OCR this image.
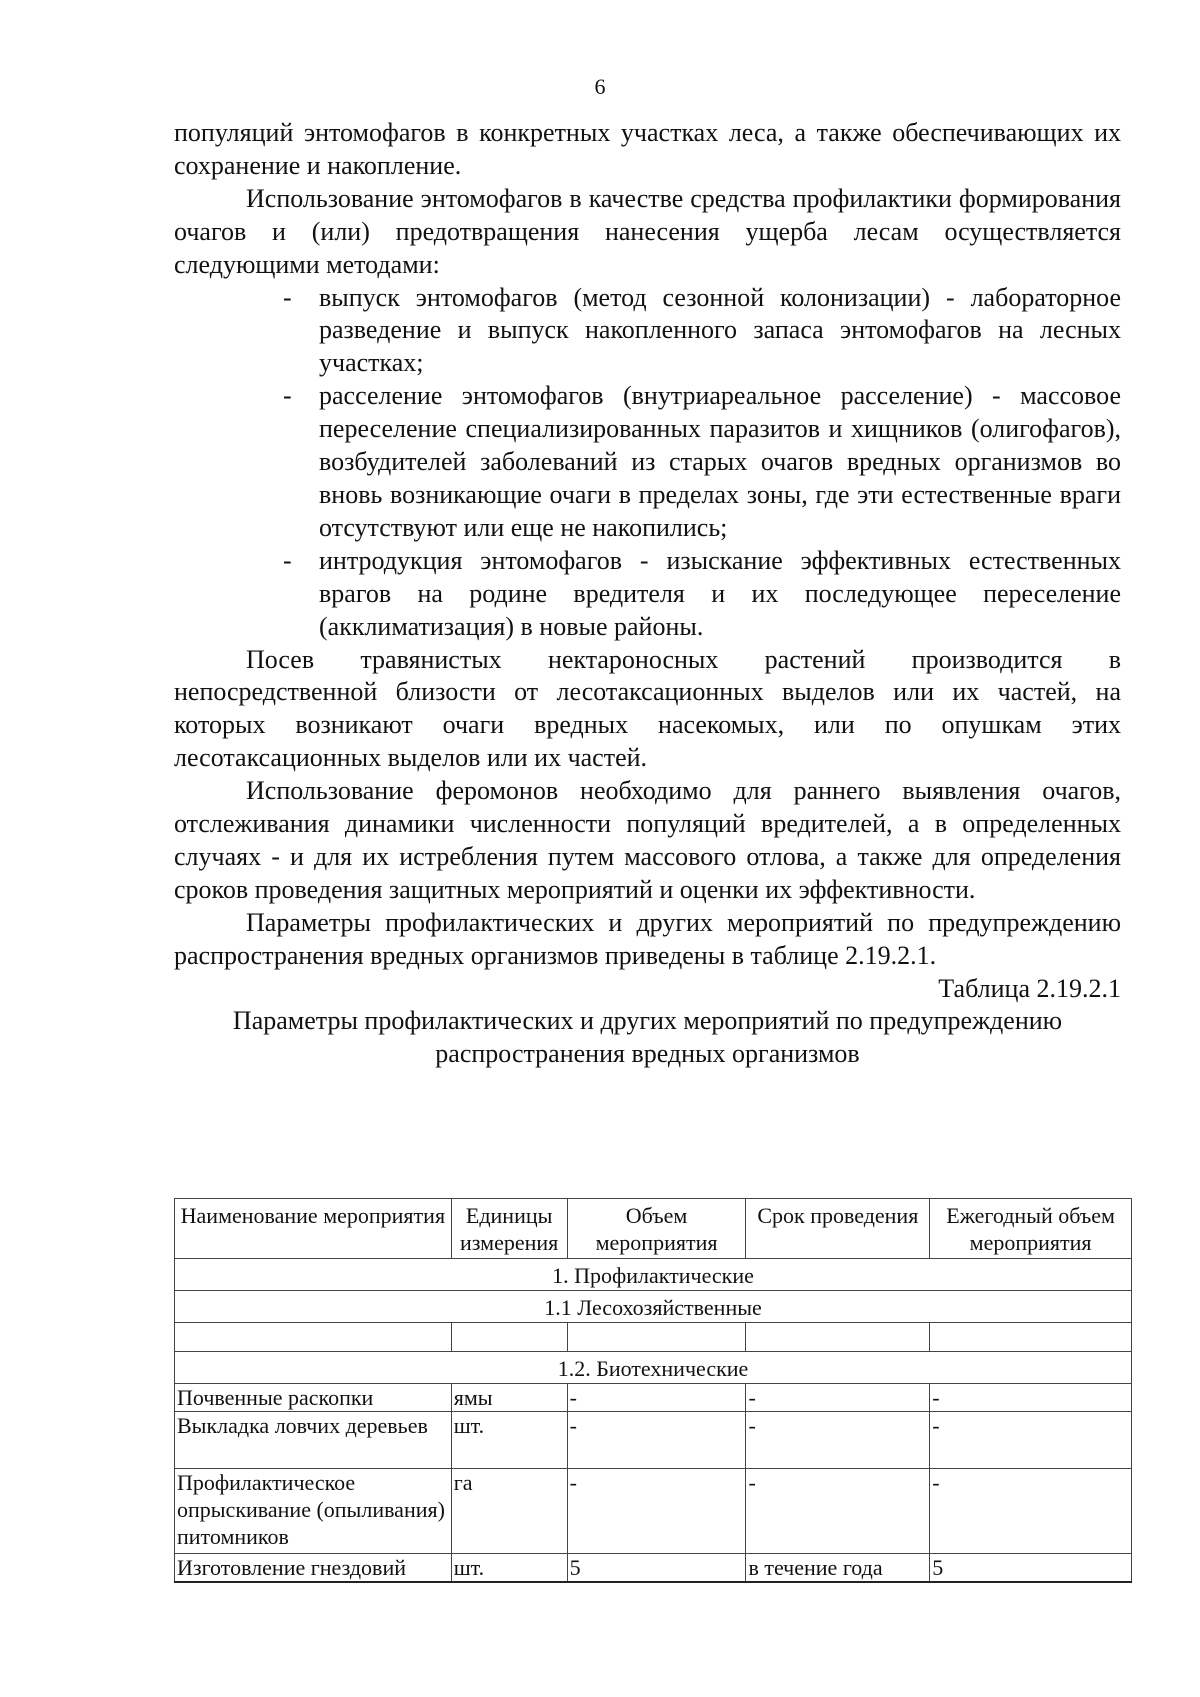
6

популяций энтомофагов в конкретных участках леса, а также обеспечивающих их сохранение и накопление.

Использование энтомофагов в качестве средства профилактики формирования очагов и (или) предотвращения нанесения ущерба лесам осуществляется следующими методами:

- выпуск энтомофагов (метод сезонной колонизации) - лабораторное разведение и выпуск накопленного запаса энтомофагов на лесных участках;
- расселение энтомофагов (внутриареальное расселение) - массовое переселение специализированных паразитов и хищников (олигофагов), возбудителей заболеваний из старых очагов вредных организмов во вновь возникающие очаги в пределах зоны, где эти естественные враги отсутствуют или еще не накопились;
- интродукция энтомофагов - изыскание эффективных естественных врагов на родине вредителя и их последующее переселение (акклиматизация) в новые районы.

Посев травянистых нектароносных растений производится в непосредственной близости от лесотаксационных выделов или их частей, на которых возникают очаги вредных насекомых, или по опушкам этих лесотаксационных выделов или их частей.

Использование феромонов необходимо для раннего выявления очагов, отслеживания динамики численности популяций вредителей, а в определенных случаях - и для их истребления путем массового отлова, а также для определения сроков проведения защитных мероприятий и оценки их эффективности.

Параметры профилактических и других мероприятий по предупреждению распространения вредных организмов приведены в таблице 2.19.2.1.

Таблица 2.19.2.1

Параметры профилактических и других мероприятий по предупреждению распространения вредных организмов

Наименование мероприятия	Единицы измерения	Объем мероприятия	Срок проведения	Ежегодный объем мероприятия
1. Профилактические				
1.1 Лесохозяйственные				

1.2. Биотехнические				
Почвенные раскопки	ямы	-	-	-
Выкладка ловчих деревьев	шт.	-	-	-
Профилактическое опрыскивание (опыливания) питомников	га	-	-	-
Изготовление гнездовий	шт.	5	в течение года	5
